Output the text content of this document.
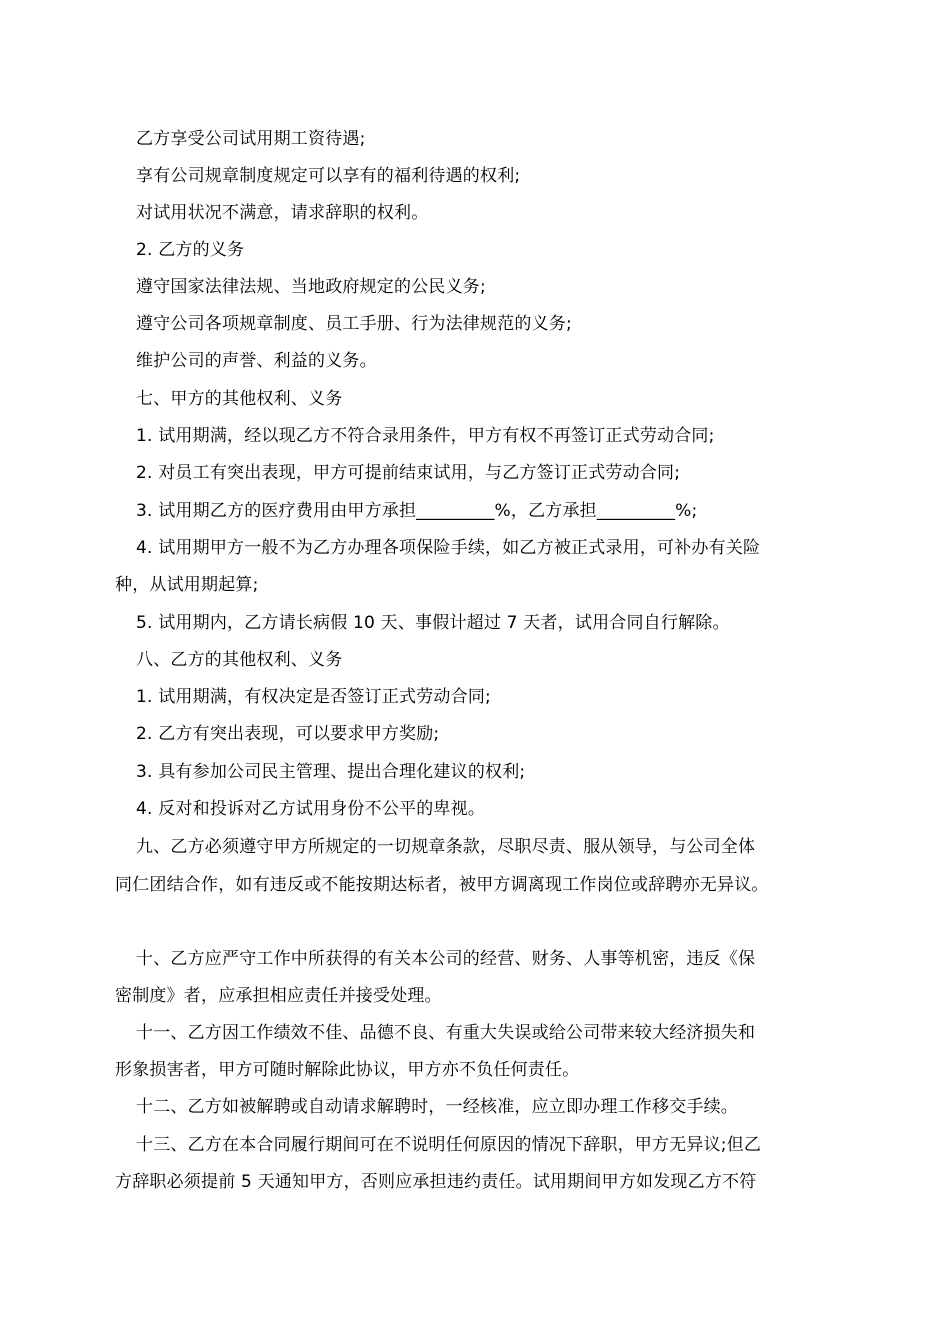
乙方享受公司试用期工资待遇;
享有公司规章制度规定可以享有的福利待遇的权利;
对试用状况不满意，请求辞职的权利。
2. 乙方的义务
遵守国家法律法规、当地政府规定的公民义务;
遵守公司各项规章制度、员工手册、行为法律规范的义务;
维护公司的声誉、利益的义务。
七、甲方的其他权利、义务
1. 试用期满，经以现乙方不符合录用条件，甲方有权不再签订正式劳动合同;
2. 对员工有突出表现，甲方可提前结束试用，与乙方签订正式劳动合同;
3. 试用期乙方的医疗费用由甲方承担_________%，乙方承担_________%;
4. 试用期甲方一般不为乙方办理各项保险手续，如乙方被正式录用，可补办有关险
种，从试用期起算;
5. 试用期内，乙方请长病假 10 天、事假计超过 7 天者，试用合同自行解除。
八、乙方的其他权利、义务
1. 试用期满，有权决定是否签订正式劳动合同;
2. 乙方有突出表现，可以要求甲方奖励;
3. 具有参加公司民主管理、提出合理化建议的权利;
4. 反对和投诉对乙方试用身份不公平的卑视。
九、乙方必须遵守甲方所规定的一切规章条款，尽职尽责、服从领导，与公司全体
同仁团结合作，如有违反或不能按期达标者，被甲方调离现工作岗位或辞聘亦无异议。
十、乙方应严守工作中所获得的有关本公司的经营、财务、人事等机密，违反《保
密制度》者，应承担相应责任并接受处理。
十一、乙方因工作绩效不佳、品德不良、有重大失误或给公司带来较大经济损失和
形象损害者，甲方可随时解除此协议，甲方亦不负任何责任。
十二、乙方如被解聘或自动请求解聘时，一经核准，应立即办理工作移交手续。
十三、乙方在本合同履行期间可在不说明任何原因的情况下辞职，甲方无异议;但乙
方辞职必须提前 5 天通知甲方，否则应承担违约责任。试用期间甲方如发现乙方不符
